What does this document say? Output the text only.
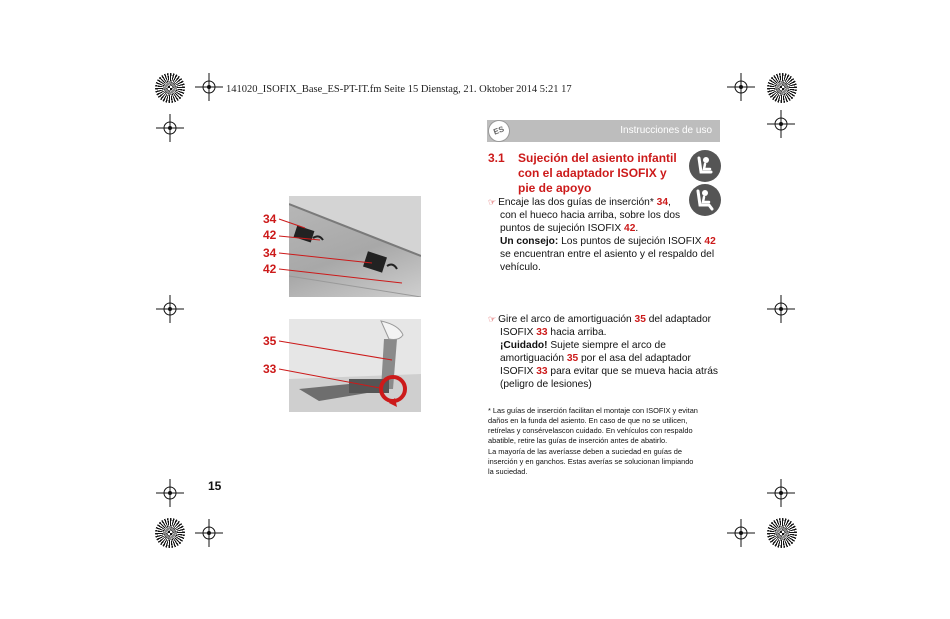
141020_ISOFIX_Base_ES-PT-IT.fm Seite 15 Dienstag, 21. Oktober 2014 5:21 17
Instrucciones de uso
ES
3.1 Sujeción del asiento infantil
con el adaptador ISOFIX y
pie de apoyo
☞ Encaje las dos guías de inserción* 34,
con el hueco hacia arriba, sobre los dos
puntos de sujeción ISOFIX 42.
Un consejo: Los puntos de sujeción ISOFIX 42
se encuentran entre el asiento y el respaldo del
vehículo.
☞ Gire el arco de amortiguación 35 del adaptador
ISOFIX 33 hacia arriba.
¡Cuidado! Sujete siempre el arco de
amortiguación 35 por el asa del adaptador
ISOFIX 33 para evitar que se mueva hacia atrás
(peligro de lesiones)
* Las guías de inserción facilitan el montaje con ISOFIX y evitan
daños en la funda del asiento. En caso de que no se utilicen,
retírelas y consérvelascon cuidado. En vehículos con respaldo
abatible, retire las guías de inserción antes de abatirlo.
La mayoría de las averíasse deben a suciedad en guías de
inserción y en ganchos. Estas averías se solucionan limpiando
la suciedad.
34
42
34
42
35
33
15
